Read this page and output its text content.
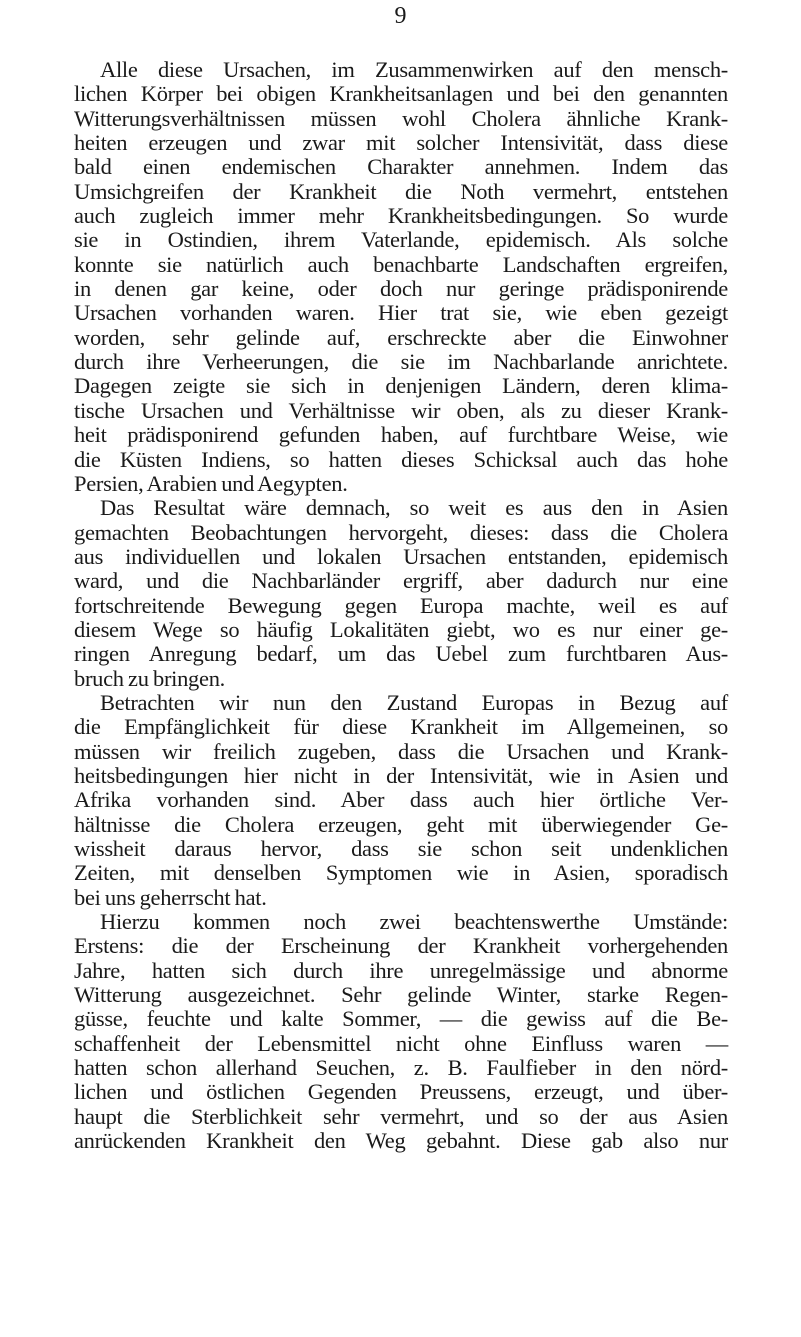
9
Alle diese Ursachen, im Zusammenwirken auf den mensch-
lichen Körper bei obigen Krankheitsanlagen und bei den genannten
Witterungsverhältnissen müssen wohl Cholera ähnliche Krank-
heiten erzeugen und zwar mit solcher Intensivität, dass diese
bald einen endemischen Charakter annehmen. Indem das
Umsichgreifen der Krankheit die Noth vermehrt, entstehen
auch zugleich immer mehr Krankheitsbedingungen. So wurde
sie in Ostindien, ihrem Vaterlande, epidemisch. Als solche
konnte sie natürlich auch benachbarte Landschaften ergreifen,
in denen gar keine, oder doch nur geringe prädisponirende
Ursachen vorhanden waren. Hier trat sie, wie eben gezeigt
worden, sehr gelinde auf, erschreckte aber die Einwohner
durch ihre Verheerungen, die sie im Nachbarlande anrichtete.
Dagegen zeigte sie sich in denjenigen Ländern, deren klima-
tische Ursachen und Verhältnisse wir oben, als zu dieser Krank-
heit prädisponirend gefunden haben, auf furchtbare Weise, wie
die Küsten Indiens, so hatten dieses Schicksal auch das hohe
Persien, Arabien und Aegypten.
Das Resultat wäre demnach, so weit es aus den in Asien
gemachten Beobachtungen hervorgeht, dieses: dass die Cholera
aus individuellen und lokalen Ursachen entstanden, epidemisch
ward, und die Nachbarländer ergriff, aber dadurch nur eine
fortschreitende Bewegung gegen Europa machte, weil es auf
diesem Wege so häufig Lokalitäten giebt, wo es nur einer ge-
ringen Anregung bedarf, um das Uebel zum furchtbaren Aus-
bruch zu bringen.
Betrachten wir nun den Zustand Europas in Bezug auf
die Empfänglichkeit für diese Krankheit im Allgemeinen, so
müssen wir freilich zugeben, dass die Ursachen und Krank-
heitsbedingungen hier nicht in der Intensivität, wie in Asien und
Afrika vorhanden sind. Aber dass auch hier örtliche Ver-
hältnisse die Cholera erzeugen, geht mit überwiegender Ge-
wissheit daraus hervor, dass sie schon seit undenklichen
Zeiten, mit denselben Symptomen wie in Asien, sporadisch
bei uns geherrscht hat.
Hierzu kommen noch zwei beachtenswerthe Umstände:
Erstens: die der Erscheinung der Krankheit vorhergehenden
Jahre, hatten sich durch ihre unregelmässige und abnorme
Witterung ausgezeichnet. Sehr gelinde Winter, starke Regen-
güsse, feuchte und kalte Sommer, — die gewiss auf die Be-
schaffenheit der Lebensmittel nicht ohne Einfluss waren —
hatten schon allerhand Seuchen, z. B. Faulfieber in den nörd-
lichen und östlichen Gegenden Preussens, erzeugt, und über-
haupt die Sterblichkeit sehr vermehrt, und so der aus Asien
anrückenden Krankheit den Weg gebahnt. Diese gab also nur
